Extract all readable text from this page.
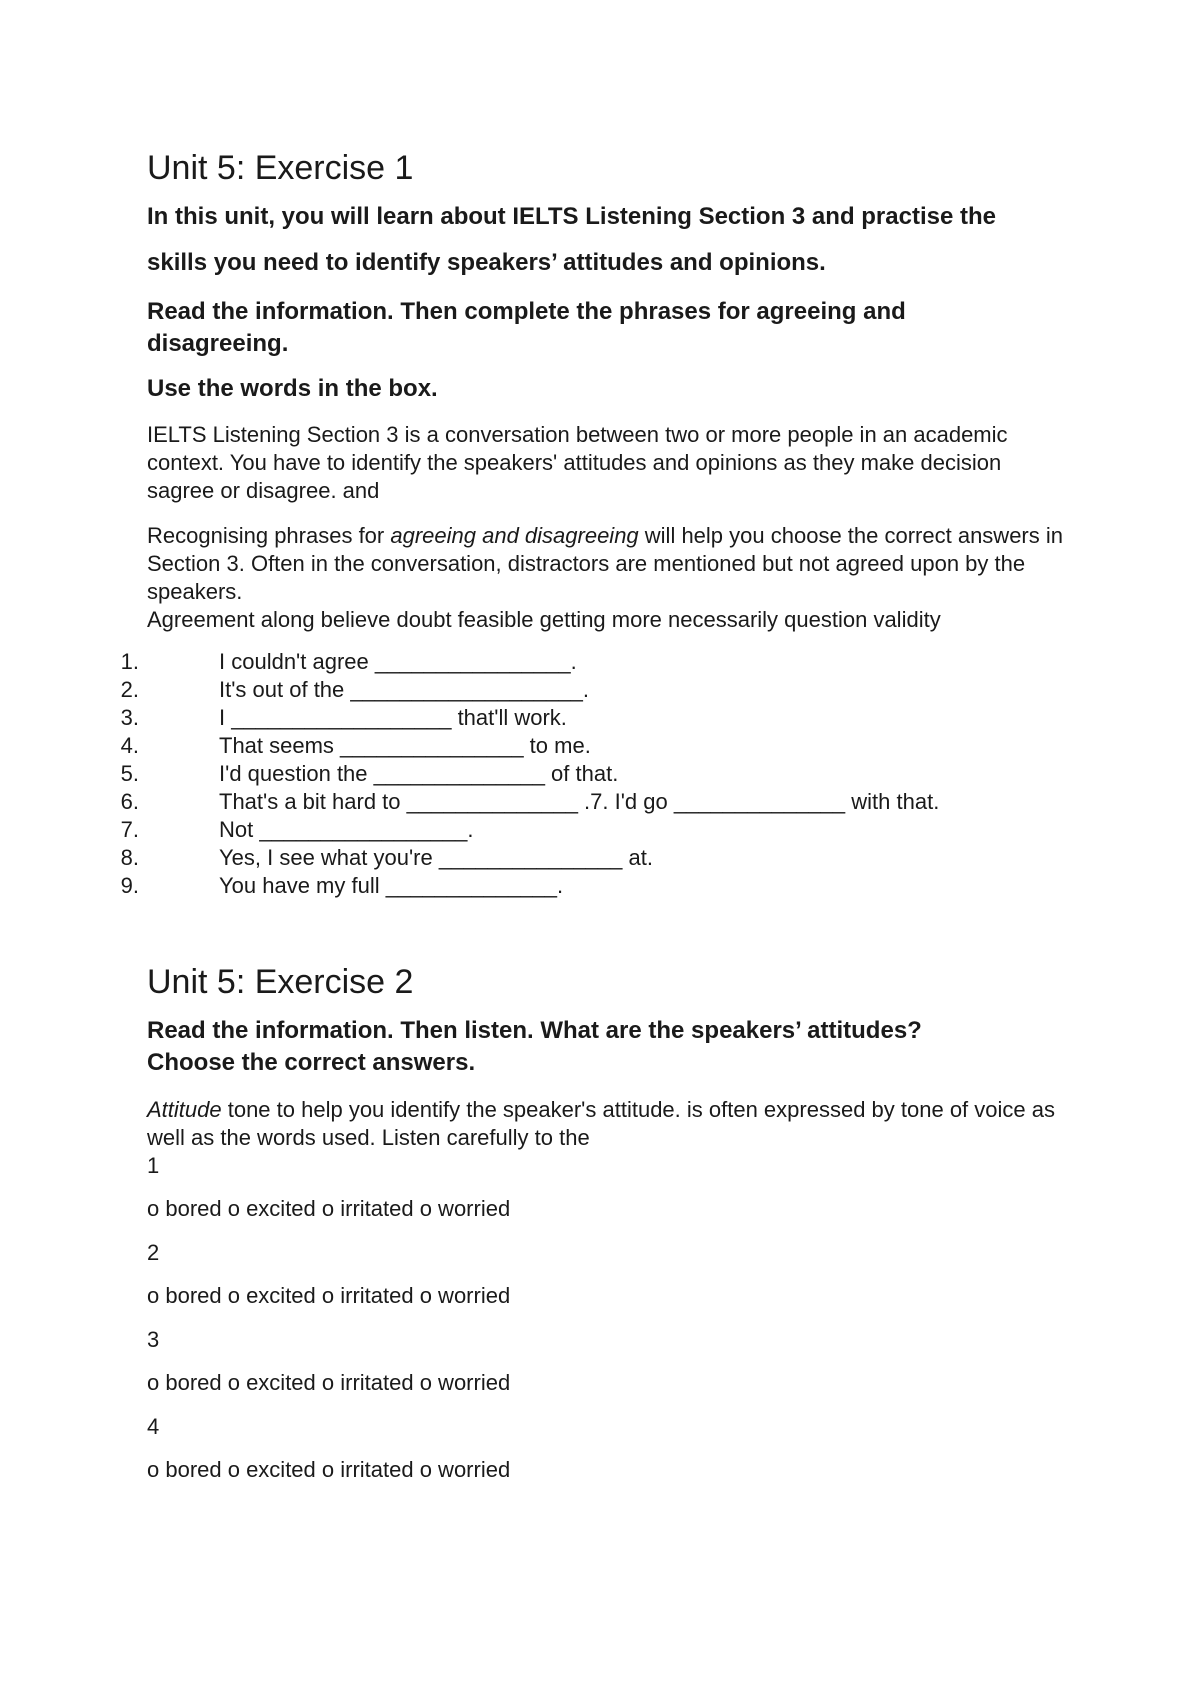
Unit 5: Exercise 1

In this unit, you will learn about IELTS Listening Section 3 and practise the

skills you need to identify speakers’ attitudes and opinions.

Read the information. Then complete the phrases for agreeing and disagreeing.

Use the words in the box.

IELTS Listening Section 3 is a conversation between two or more people in an academic context. You have to identify the speakers' attitudes and opinions as they make decision sagree or disagree. and

Recognising phrases for agreeing and disagreeing will help you choose the correct answers in Section 3. Often in the conversation, distractors are mentioned but not agreed upon by the speakers.

Agreement along believe doubt feasible getting more necessarily question validity

1.	I couldn't agree ________________.
2.	It's out of the ___________________.
3.	I __________________ that'll work.
4.	That seems _______________ to me.
5.	I'd question the ______________ of that.
6.	That's a bit hard to ______________ .7. I'd go ______________ with that.
7.	Not _________________.
8.	Yes, I see what you're _______________ at.
9.	You have my full ______________.
Unit 5: Exercise 2

Read the information. Then listen. What are the speakers’ attitudes? Choose the correct answers.

Attitude tone to help you identify the speaker's attitude. is often expressed by tone of voice as well as the words used. Listen carefully to the

1

o bored o excited o irritated o worried

2

o bored o excited o irritated o worried

3

o bored o excited o irritated o worried

4

o bored o excited o irritated o worried
